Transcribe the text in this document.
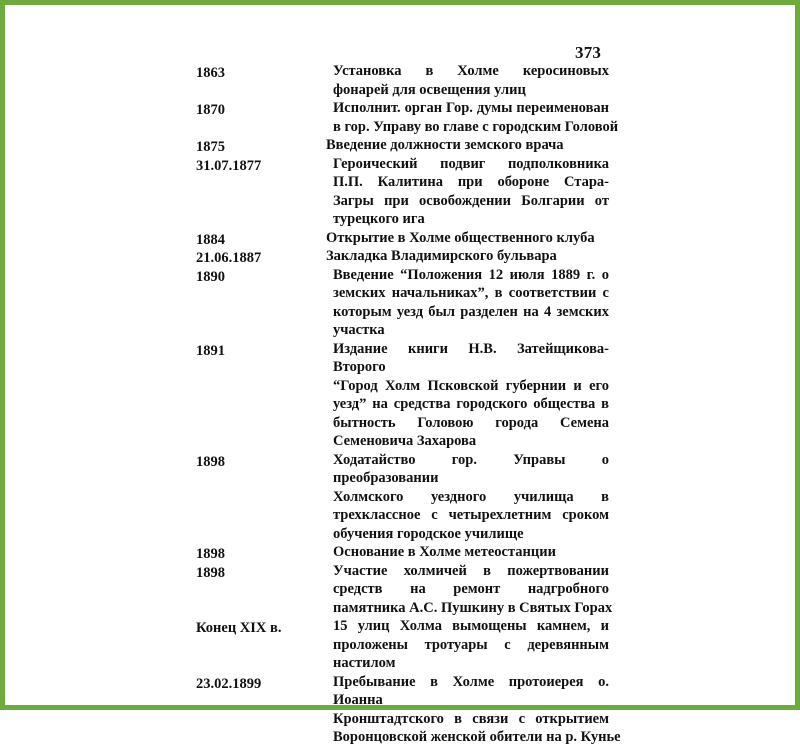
373
1863	Установка в Холме керосиновых
фонарей для освещения улиц
1870	Исполнит. орган Гор. думы переименован
в гор. Управу во главе с городским Головой
1875	Введение должности земского врача
31.07.1877	Героический подвиг подполковника
П.П. Калитина при обороне Стара-
Загры при освобождении Болгарии от
турецкого ига
1884	Открытие в Холме общественного клуба
21.06.1887	Закладка Владимирского бульвара
1890	Введение “Положения 12 июля 1889 г. о
земских начальниках”, в соответствии с
которым уезд был разделен на 4 земских
участка
1891	Издание книги Н.В. Затейщикова-Второго
“Город Холм Псковской губернии и его
уезд” на средства городского общества в
бытность Головою города Семена
Семеновича Захарова
1898	Ходатайство гор. Управы о преобразовании
Холмского уездного училища в
трехклассное с четырехлетним сроком
обучения городское училище
1898	Основание в Холме метеостанции
1898	Участие холмичей в пожертвовании
средств на ремонт надгробного
памятника А.С. Пушкину в Святых Горах
Конец XIX в.	15 улиц Холма вымощены камнем, и
проложены тротуары с деревянным
настилом
23.02.1899	Пребывание в Холме протоиерея о. Иоанна
Кронштадтского в связи с открытием
Воронцовской женской обители на р. Кунье
